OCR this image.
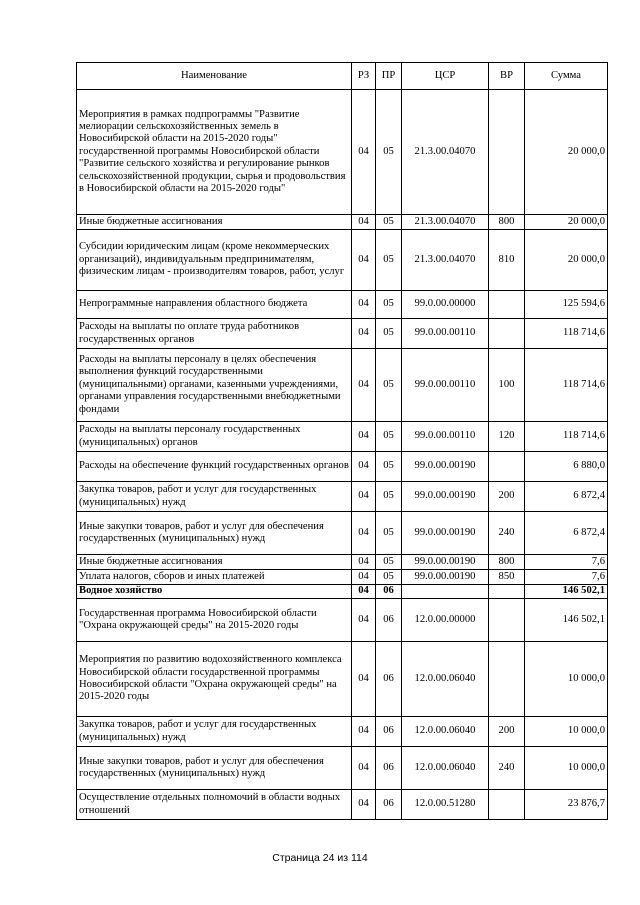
Наименование	РЗ	ПР	ЦСР	ВР	Сумма
Мероприятия в рамках подпрограммы "Развитие мелиорации сельскохозяйственных земель в Новосибирской области на 2015-2020 годы" государственной программы Новосибирской области "Развитие сельского хозяйства и регулирование рынков сельскохозяйственной продукции, сырья и продовольствия в Новосибирской области на 2015-2020 годы"	04	05	21.3.00.04070		20 000,0
Иные бюджетные ассигнования	04	05	21.3.00.04070	800	20 000,0
Субсидии юридическим лицам (кроме некоммерческих организаций), индивидуальным предпринимателям, физическим лицам - производителям товаров, работ, услуг	04	05	21.3.00.04070	810	20 000,0
Непрограммные направления областного бюджета	04	05	99.0.00.00000		125 594,6
Расходы на выплаты по оплате труда работников государственных органов	04	05	99.0.00.00110		118 714,6
Расходы на выплаты персоналу в целях обеспечения выполнения функций государственными (муниципальными) органами, казенными учреждениями, органами управления государственными внебюджетными фондами	04	05	99.0.00.00110	100	118 714,6
Расходы на выплаты персоналу государственных (муниципальных) органов	04	05	99.0.00.00110	120	118 714,6
Расходы на обеспечение функций государственных органов	04	05	99.0.00.00190		6 880,0
Закупка товаров, работ и услуг для государственных (муниципальных) нужд	04	05	99.0.00.00190	200	6 872,4
Иные закупки товаров, работ и услуг для обеспечения государственных (муниципальных) нужд	04	05	99.0.00.00190	240	6 872,4
Иные бюджетные ассигнования	04	05	99.0.00.00190	800	7,6
Уплата налогов, сборов и иных платежей	04	05	99.0.00.00190	850	7,6
Водное хозяйство	04	06			146 502,1
Государственная программа Новосибирской области "Охрана окружающей среды" на 2015-2020 годы	04	06	12.0.00.00000		146 502,1
Мероприятия по развитию водохозяйственного комплекса Новосибирской области государственной программы Новосибирской области "Охрана окружающей среды" на 2015-2020 годы	04	06	12.0.00.06040		10 000,0
Закупка товаров, работ и услуг для государственных (муниципальных) нужд	04	06	12.0.00.06040	200	10 000,0
Иные закупки товаров, работ и услуг для обеспечения государственных (муниципальных) нужд	04	06	12.0.00.06040	240	10 000,0
Осуществление отдельных полномочий в области водных отношений	04	06	12.0.00.51280		23 876,7
Страница 24 из 114
